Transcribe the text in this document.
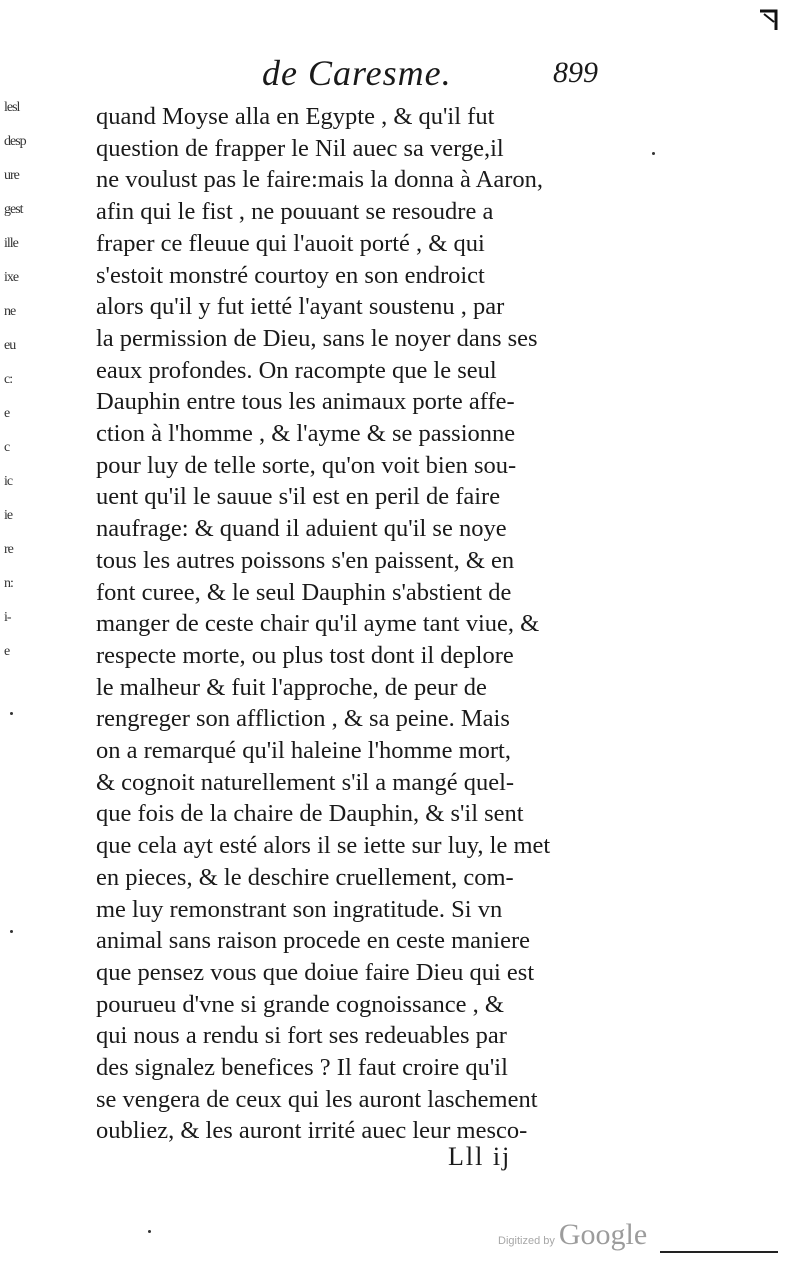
de Caresme.	899
lesl
desp
ure
gest
ille
ixe
ne
eu
c:
e
c
ic
ie
re
n:
i-
e
quand Moyse alla en Egypte , & qu'il fut
question de frapper le Nil auec sa verge,il
ne voulust pas le faire:mais la donna à Aaron,
afin qui le fist , ne pouuant se resoudre a
fraper ce fleuue qui l'auoit porté , & qui
s'estoit monstré courtoy en son endroict
alors qu'il y fut ietté l'ayant soustenu , par
la permission de Dieu, sans le noyer dans ses
eaux profondes. On racompte que le seul
Dauphin entre tous les animaux porte affe-
ction à l'homme , & l'ayme & se passionne
pour luy de telle sorte, qu'on voit bien sou-
uent qu'il le sauue s'il est en peril de faire
naufrage: & quand il aduient qu'il se noye
tous les autres poissons s'en paissent, & en
font curee, & le seul Dauphin s'abstient de
manger de ceste chair qu'il ayme tant viue, &
respecte morte, ou plus tost dont il deplore
le malheur & fuit l'approche, de peur de
rengreger son affliction , & sa peine. Mais
on a remarqué qu'il haleine l'homme mort,
& cognoit naturellement s'il a mangé quel-
que fois de la chaire de Dauphin, & s'il sent
que cela ayt esté alors il se iette sur luy, le met
en pieces, & le deschire cruellement, com-
me luy remonstrant son ingratitude. Si vn
animal sans raison procede en ceste maniere
que pensez vous que doiue faire Dieu qui est
pourueu d'vne si grande cognoissance , &
qui nous a rendu si fort ses redeuables par
des signalez benefices ? Il faut croire qu'il
se vengera de ceux qui les auront laschement
oubliez, & les auront irrité auec leur mesco-
Lll ij
Digitized by Google
